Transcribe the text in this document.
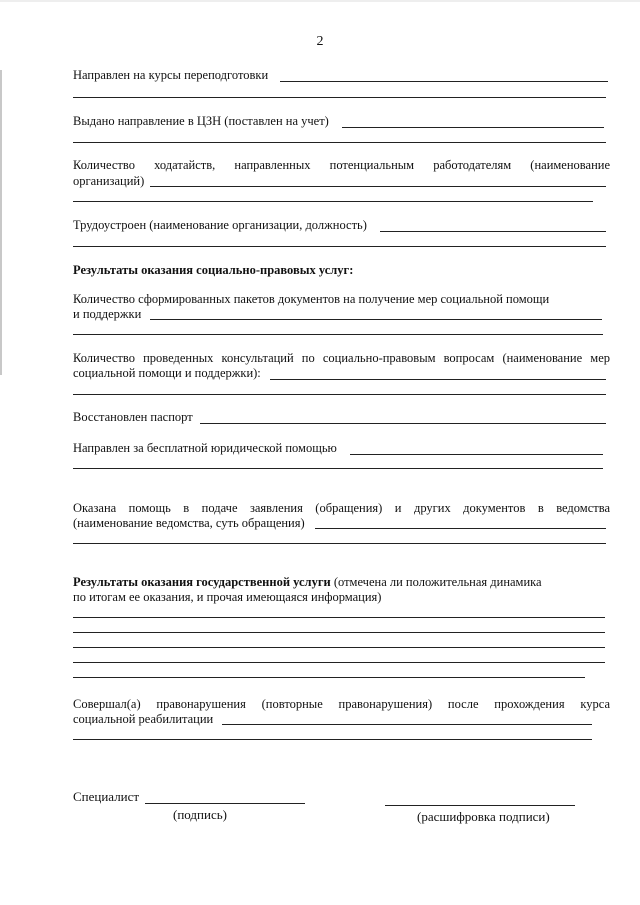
2
Направлен на курсы переподготовки
Выдано направление в ЦЗН (поставлен на учет)
Количество ходатайств, направленных потенциальным работодателям (наименование
организаций)
Трудоустроен (наименование организации, должность)
Результаты оказания социально-правовых услуг:
Количество сформированных пакетов документов на получение мер социальной помощи
и поддержки
Количество проведенных консультаций по социально-правовым вопросам (наименование мер
социальной помощи и поддержки):
Восстановлен паспорт
Направлен за бесплатной юридической помощью
Оказана помощь в подаче заявления (обращения) и других документов в ведомства
(наименование ведомства, суть обращения)
Результаты оказания государственной услуги (отмечена ли положительная динамика
по итогам ее оказания, и прочая имеющаяся информация)
Совершал(а) правонарушения (повторные правонарушения) после прохождения курса
социальной реабилитации
Специалист
(подпись)	(расшифровка подписи)
